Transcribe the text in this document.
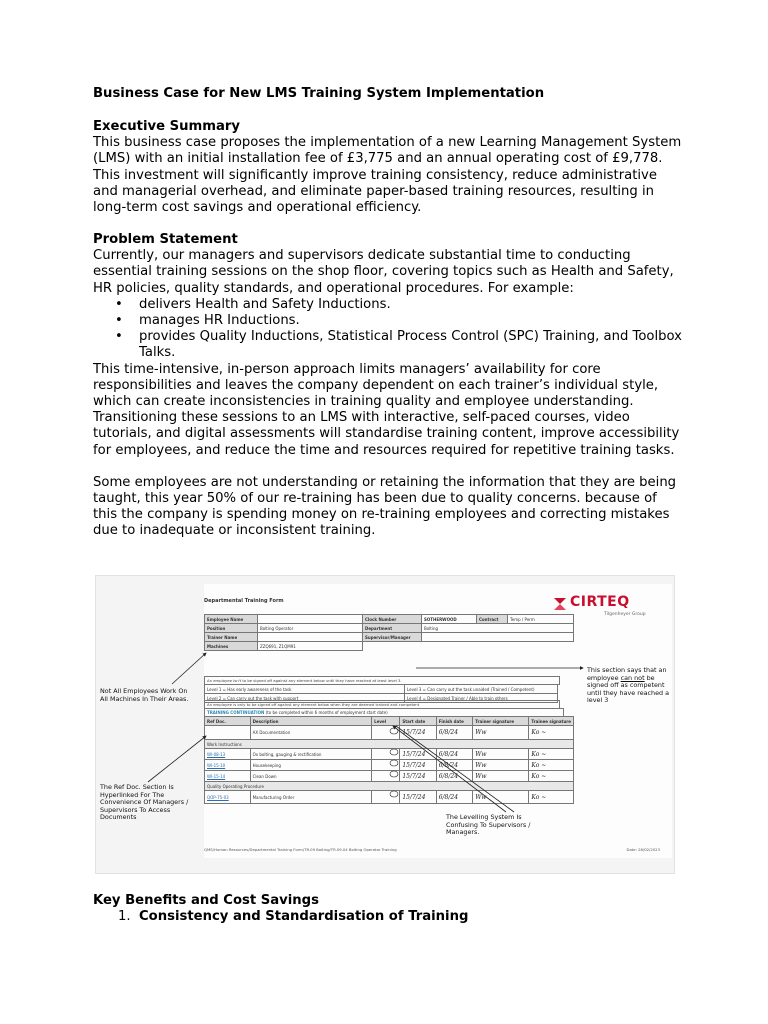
Business Case for New LMS Training System Implementation
Executive Summary

This business case proposes the implementation of a new Learning Management System (LMS) with an initial installation fee of £3,775 and an annual operating cost of £9,778. This investment will significantly improve training consistency, reduce administrative and managerial overhead, and eliminate paper-based training resources, resulting in long-term cost savings and operational efficiency.

Problem Statement

Currently, our managers and supervisors dedicate substantial time to conducting essential training sessions on the shop floor, covering topics such as Health and Safety, HR policies, quality standards, and operational procedures. For example:

• delivers Health and Safety Inductions.
• manages HR Inductions.
• provides Quality Inductions, Statistical Process Control (SPC) Training, and Toolbox Talks.

This time-intensive, in-person approach limits managers’ availability for core responsibilities and leaves the company dependent on each trainer’s individual style, which can create inconsistencies in training quality and employee understanding. Transitioning these sessions to an LMS with interactive, self-paced courses, video tutorials, and digital assessments will standardise training content, improve accessibility for employees, and reduce the time and resources required for repetitive training tasks.

Some employees are not understanding or retaining the information that they are being taught, this year 50% of our re-training has been due to quality concerns. because of this the company is spending money on re-training employees and correcting mistakes due to inadequate or inconsistent training.

Departmental Training Form	CIRTEQ
Tilgenheyer Group
Employee Name		Clock Number	SOTHERWOOD	Contract	Temp / Perm
Position	Bolting Operator	Department	Bolting		
Trainer Name		Supervisor/Manager			
Machines	ZZQ691, Z1QM91				
An employee isn't to be signed off against any element below until they have reached at least level 3.
Level 1 = Has early awareness of the task	Level 3 = Can carry out the task unaided (Trained / Competent)
Level 2 = Can carry out the task with support	Level 4 = Designated Trainer / Able to train others
An employee is only to be signed off against any element below when they are deemed trained and competent
TRAINING CONTINUATION (to be completed within 6 months of employment start date)
Ref Doc.	Description	Level	Start date	Finish date	Trainer signature	Trainee signature
	AX Documentation		15/7/24	6/8/24	Ww	Ko ~
Work Instructions						
WI-08-13	Ox bolting, gauging & rectification		15/7/24	6/8/24	Ww	Ko ~
WI-15-10	Housekeeping		15/7/24	6/8/24	Ww	Ko ~
WI-15-14	Clean Down		15/7/24	6/8/24	Ww	Ko ~
Quality Operating Procedure						
QOP-75-03	Manufacturing Order		15/7/24	6/8/24	Ww	Ko ~
QMS/Human Resources/Departmental Training Form/TR.09 Bolting/TR.09.04 Bolting Operator Training	Date: 28/02/2023
Not All Employees Work On All Machines In Their Areas.
The Ref Doc. Section Is Hyperlinked For The Convenience Of Managers / Supervisors To Access Documents	The Levelling System Is Confusing To Supervisors / Managers.
This section says that an employee can not be signed off as competent until they have reached a level 3
Key Benefits and Cost Savings
1. Consistency and Standardisation of Training
